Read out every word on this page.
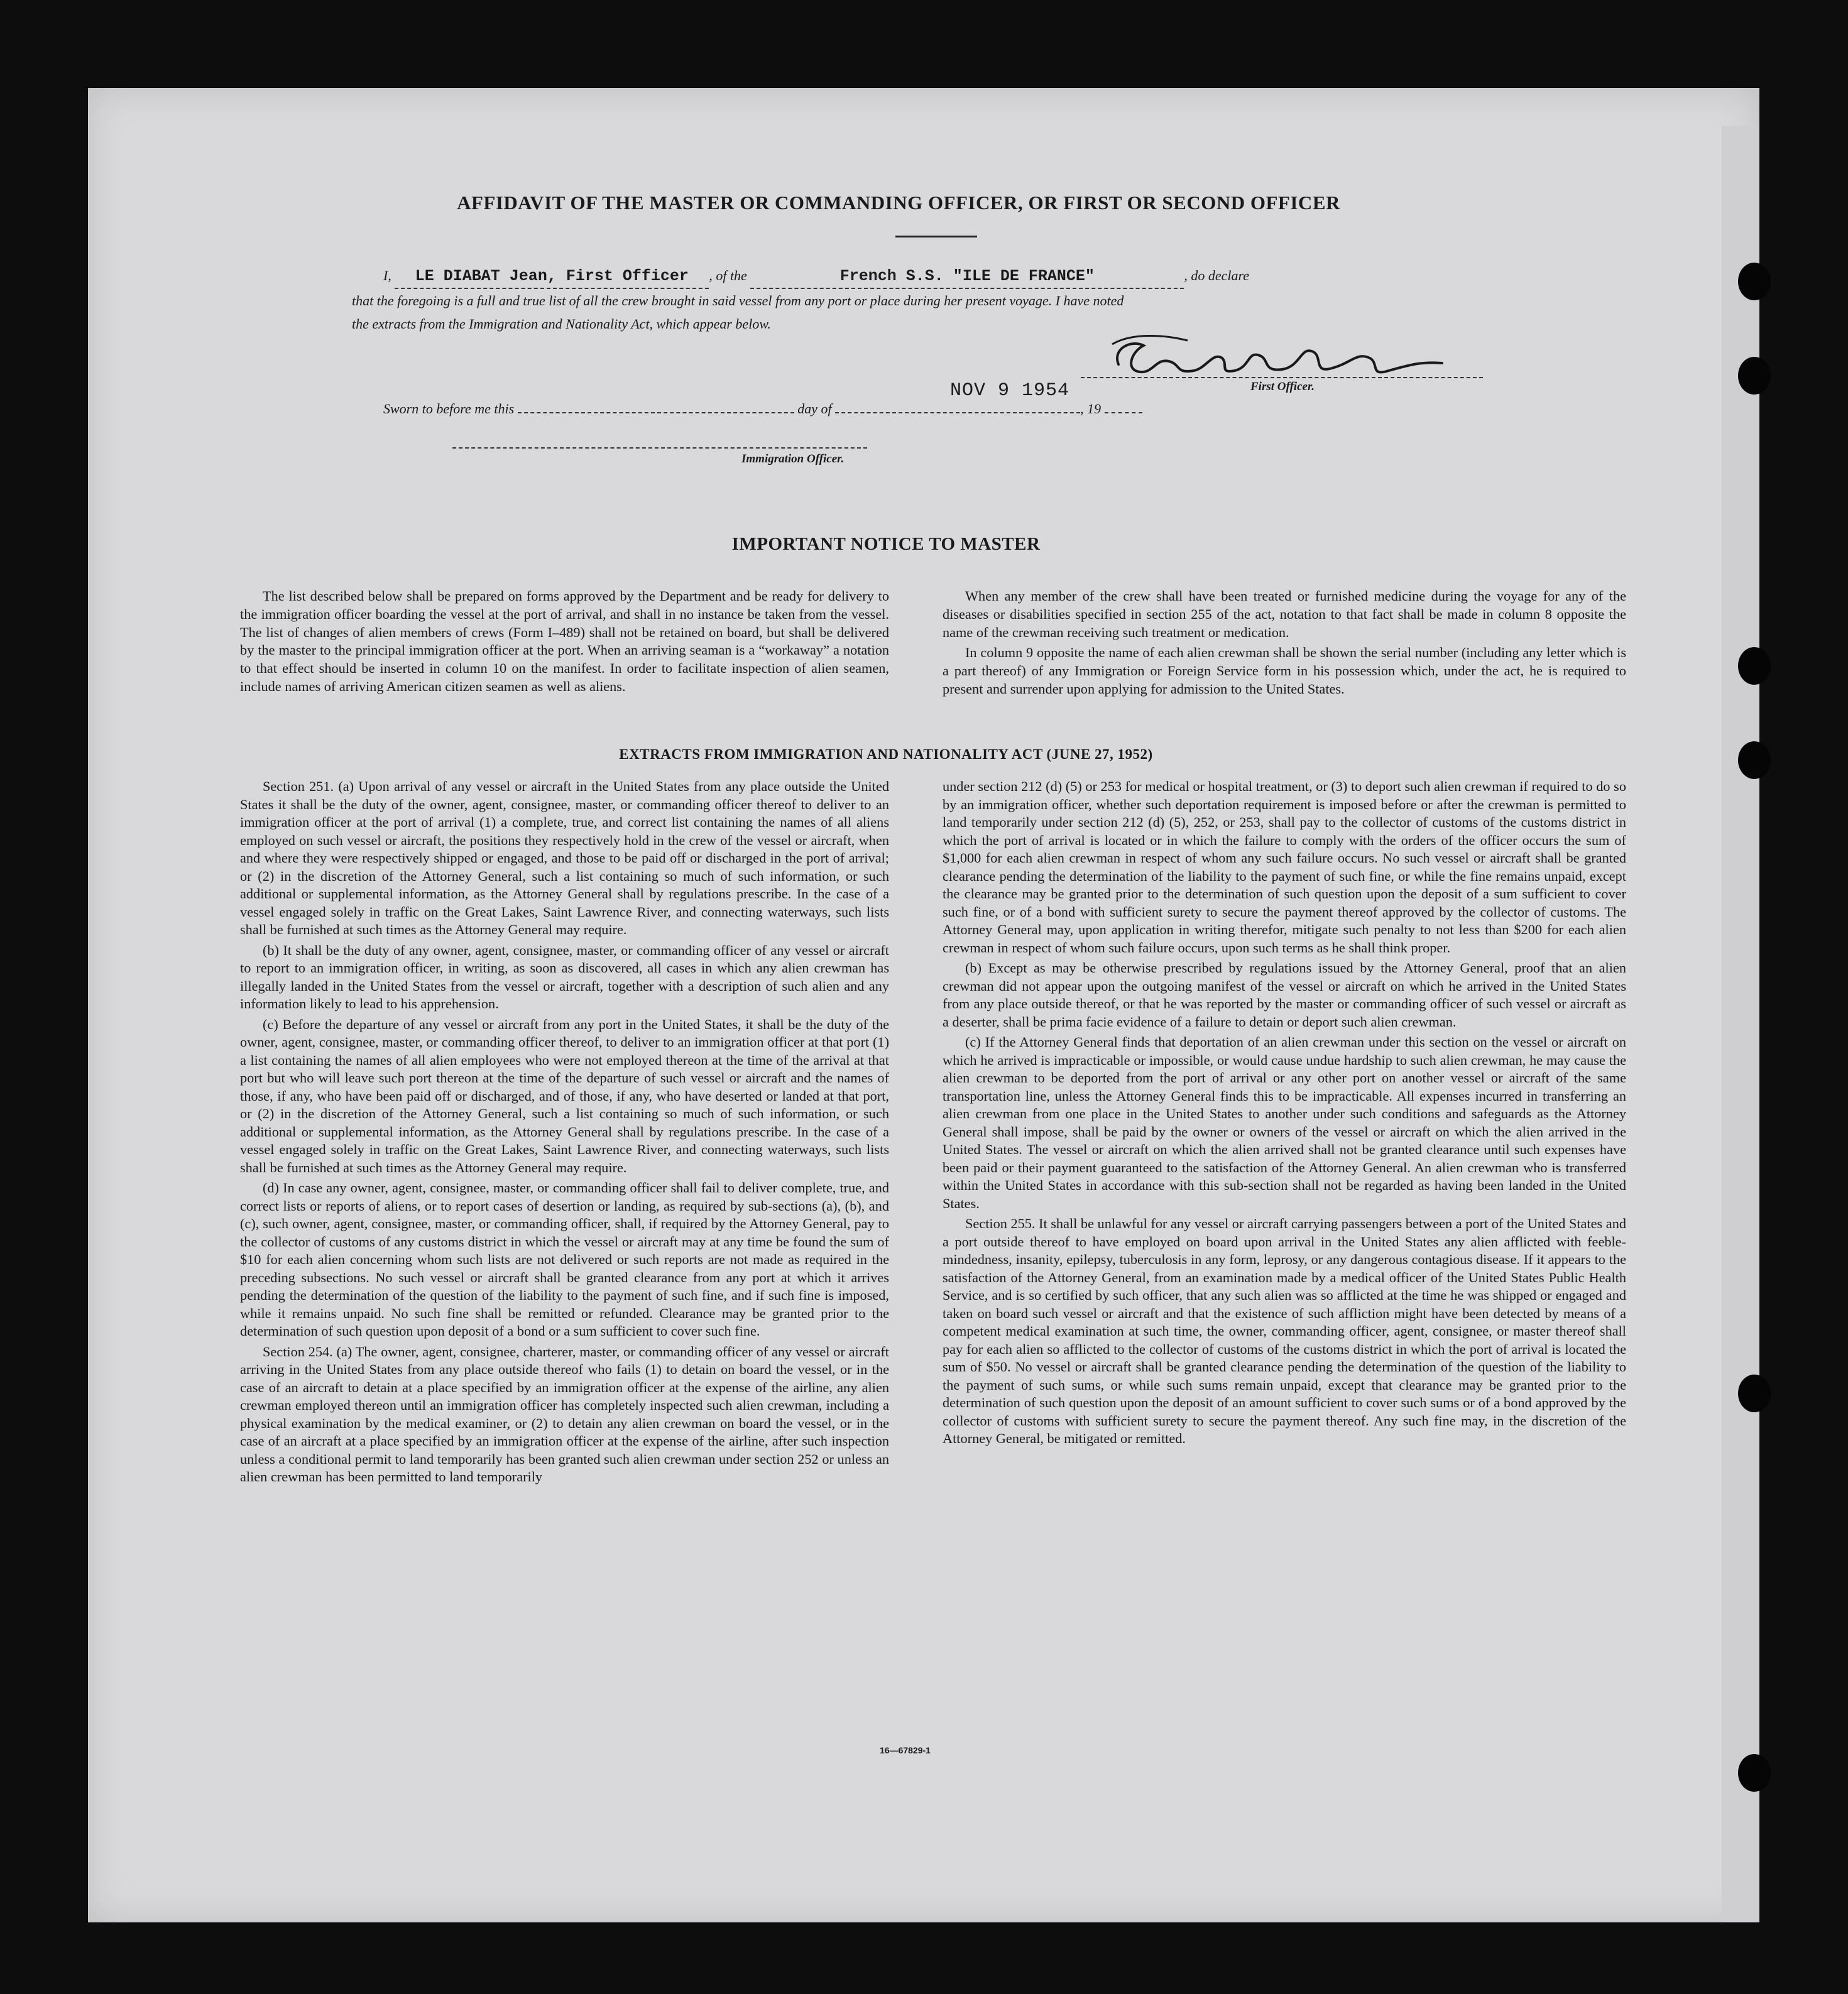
AFFIDAVIT OF THE MASTER OR COMMANDING OFFICER, OR FIRST OR SECOND OFFICER
I, LE DIABAT Jean, First Officer , of the	French S.S. "ILE DE FRANCE"	, do declare
that the foregoing is a full and true list of all the crew brought in said vessel from any port or place during her present voyage. I have noted
the extracts from the Immigration and Nationality Act, which appear below.
NOV 9 1954	First Officer.
Sworn to before me this	day of	, 19
Immigration Officer.
IMPORTANT NOTICE TO MASTER

The list described below shall be prepared on forms approved by the Department and be ready for delivery to the immigration officer boarding the vessel at the port of arrival, and shall in no instance be taken from the vessel. The list of changes of alien members of crews (Form I–489) shall not be retained on board, but shall be delivered by the master to the principal immigration officer at the port. When an arriving seaman is a “workaway” a notation to that effect should be inserted in column 10 on the manifest. In order to facilitate inspection of alien seamen, include names of arriving American citizen seamen as well as aliens.

When any member of the crew shall have been treated or furnished medicine during the voyage for any of the diseases or disabilities specified in section 255 of the act, notation to that fact shall be made in column 8 opposite the name of the crewman receiving such treatment or medication.

In column 9 opposite the name of each alien crewman shall be shown the serial number (including any letter which is a part thereof) of any Immigration or Foreign Service form in his possession which, under the act, he is required to present and surrender upon applying for admission to the United States.

EXTRACTS FROM IMMIGRATION AND NATIONALITY ACT (JUNE 27, 1952)

Section 251. (a) Upon arrival of any vessel or aircraft in the United States from any place outside the United States it shall be the duty of the owner, agent, consignee, master, or commanding officer thereof to deliver to an immigration officer at the port of arrival (1) a complete, true, and correct list containing the names of all aliens employed on such vessel or aircraft, the positions they respectively hold in the crew of the vessel or aircraft, when and where they were respectively shipped or engaged, and those to be paid off or discharged in the port of arrival; or (2) in the discretion of the Attorney General, such a list containing so much of such information, or such additional or supplemental information, as the Attorney General shall by regulations prescribe. In the case of a vessel engaged solely in traffic on the Great Lakes, Saint Lawrence River, and connecting waterways, such lists shall be furnished at such times as the Attorney General may require.

(b) It shall be the duty of any owner, agent, consignee, master, or commanding officer of any vessel or aircraft to report to an immigration officer, in writing, as soon as discovered, all cases in which any alien crewman has illegally landed in the United States from the vessel or aircraft, together with a description of such alien and any information likely to lead to his apprehension.

(c) Before the departure of any vessel or aircraft from any port in the United States, it shall be the duty of the owner, agent, consignee, master, or commanding officer thereof, to deliver to an immigration officer at that port (1) a list containing the names of all alien employees who were not employed thereon at the time of the arrival at that port but who will leave such port thereon at the time of the departure of such vessel or aircraft and the names of those, if any, who have been paid off or discharged, and of those, if any, who have deserted or landed at that port, or (2) in the discretion of the Attorney General, such a list containing so much of such information, or such additional or supplemental information, as the Attorney General shall by regulations prescribe. In the case of a vessel engaged solely in traffic on the Great Lakes, Saint Lawrence River, and connecting waterways, such lists shall be furnished at such times as the Attorney General may require.

(d) In case any owner, agent, consignee, master, or commanding officer shall fail to deliver complete, true, and correct lists or reports of aliens, or to report cases of desertion or landing, as required by sub-sections (a), (b), and (c), such owner, agent, consignee, master, or commanding officer, shall, if required by the Attorney General, pay to the collector of customs of any customs district in which the vessel or aircraft may at any time be found the sum of $10 for each alien concerning whom such lists are not delivered or such reports are not made as required in the preceding subsections. No such vessel or aircraft shall be granted clearance from any port at which it arrives pending the determination of the question of the liability to the payment of such fine, and if such fine is imposed, while it remains unpaid. No such fine shall be remitted or refunded. Clearance may be granted prior to the determination of such question upon deposit of a bond or a sum sufficient to cover such fine.

Section 254. (a) The owner, agent, consignee, charterer, master, or commanding officer of any vessel or aircraft arriving in the United States from any place outside thereof who fails (1) to detain on board the vessel, or in the case of an aircraft to detain at a place specified by an immigration officer at the expense of the airline, any alien crewman employed thereon until an immigration officer has completely inspected such alien crewman, including a physical examination by the medical examiner, or (2) to detain any alien crewman on board the vessel, or in the case of an aircraft at a place specified by an immigration officer at the expense of the airline, after such inspection unless a conditional permit to land temporarily has been granted such alien crewman under section 252 or unless an alien crewman has been permitted to land temporarily

under section 212 (d) (5) or 253 for medical or hospital treatment, or (3) to deport such alien crewman if required to do so by an immigration officer, whether such deportation requirement is imposed before or after the crewman is permitted to land temporarily under section 212 (d) (5), 252, or 253, shall pay to the collector of customs of the customs district in which the port of arrival is located or in which the failure to comply with the orders of the officer occurs the sum of $1,000 for each alien crewman in respect of whom any such failure occurs. No such vessel or aircraft shall be granted clearance pending the determination of the liability to the payment of such fine, or while the fine remains unpaid, except the clearance may be granted prior to the determination of such question upon the deposit of a sum sufficient to cover such fine, or of a bond with sufficient surety to secure the payment thereof approved by the collector of customs. The Attorney General may, upon application in writing therefor, mitigate such penalty to not less than $200 for each alien crewman in respect of whom such failure occurs, upon such terms as he shall think proper.

(b) Except as may be otherwise prescribed by regulations issued by the Attorney General, proof that an alien crewman did not appear upon the outgoing manifest of the vessel or aircraft on which he arrived in the United States from any place outside thereof, or that he was reported by the master or commanding officer of such vessel or aircraft as a deserter, shall be prima facie evidence of a failure to detain or deport such alien crewman.

(c) If the Attorney General finds that deportation of an alien crewman under this section on the vessel or aircraft on which he arrived is impracticable or impossible, or would cause undue hardship to such alien crewman, he may cause the alien crewman to be deported from the port of arrival or any other port on another vessel or aircraft of the same transportation line, unless the Attorney General finds this to be impracticable. All expenses incurred in transferring an alien crewman from one place in the United States to another under such conditions and safeguards as the Attorney General shall impose, shall be paid by the owner or owners of the vessel or aircraft on which the alien arrived in the United States. The vessel or aircraft on which the alien arrived shall not be granted clearance until such expenses have been paid or their payment guaranteed to the satisfaction of the Attorney General. An alien crewman who is transferred within the United States in accordance with this sub-section shall not be regarded as having been landed in the United States.

Section 255. It shall be unlawful for any vessel or aircraft carrying passengers between a port of the United States and a port outside thereof to have employed on board upon arrival in the United States any alien afflicted with feeble-mindedness, insanity, epilepsy, tuberculosis in any form, leprosy, or any dangerous contagious disease. If it appears to the satisfaction of the Attorney General, from an examination made by a medical officer of the United States Public Health Service, and is so certified by such officer, that any such alien was so afflicted at the time he was shipped or engaged and taken on board such vessel or aircraft and that the existence of such affliction might have been detected by means of a competent medical examination at such time, the owner, commanding officer, agent, consignee, or master thereof shall pay for each alien so afflicted to the collector of customs of the customs district in which the port of arrival is located the sum of $50. No vessel or aircraft shall be granted clearance pending the determination of the question of the liability to the payment of such sums, or while such sums remain unpaid, except that clearance may be granted prior to the determination of such question upon the deposit of an amount sufficient to cover such sums or of a bond approved by the collector of customs with sufficient surety to secure the payment thereof. Any such fine may, in the discretion of the Attorney General, be mitigated or remitted.

16—67829-1
